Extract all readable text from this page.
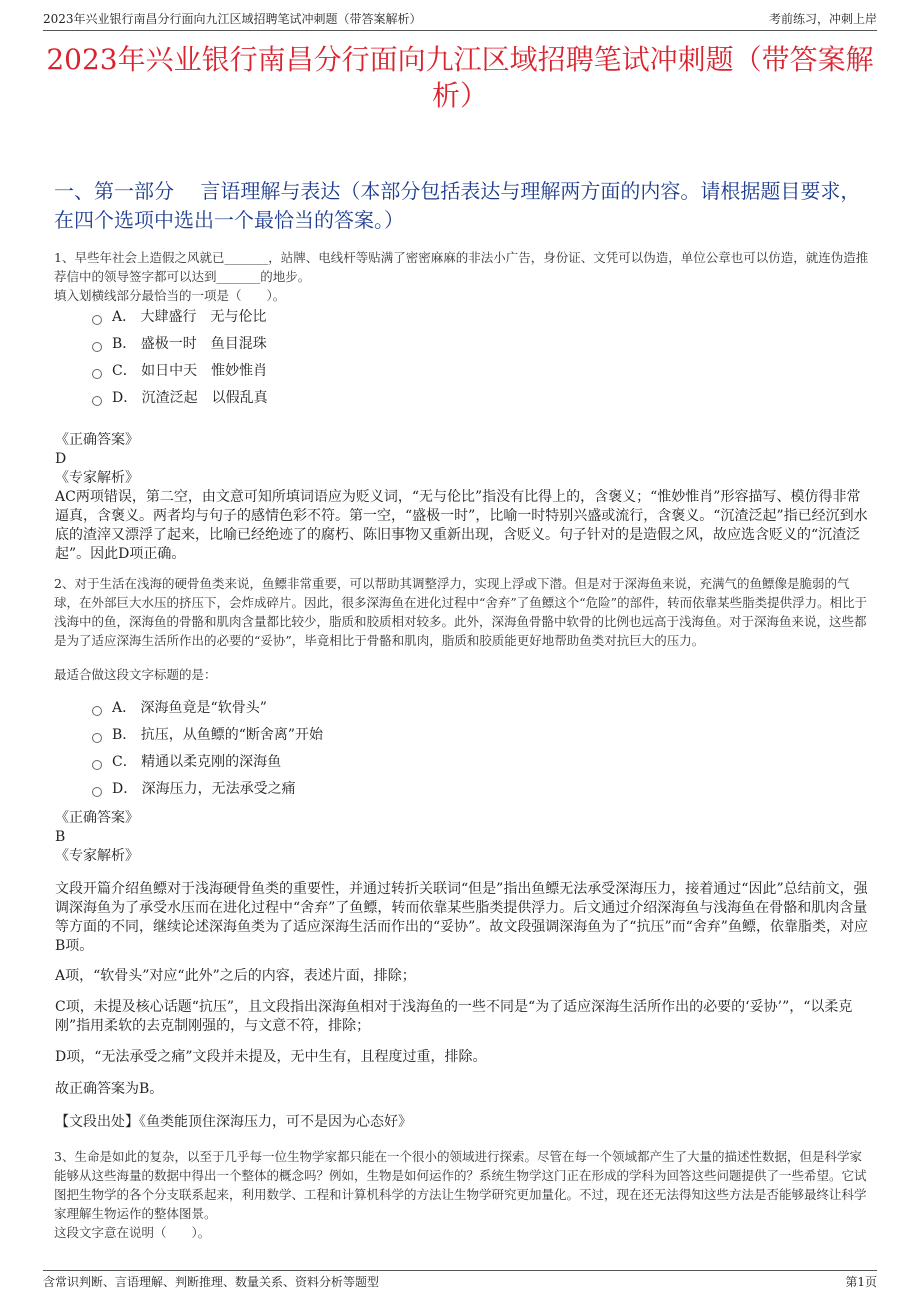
2023年兴业银行南昌分行面向九江区域招聘笔试冲刺题（带答案解析）	考前练习，冲刺上岸
2023年兴业银行南昌分行面向九江区域招聘笔试冲刺题（带答案解析）
一、第一部分　 言语理解与表达（本部分包括表达与理解两方面的内容。请根据题目要求，在四个选项中选出一个最恰当的答案。）

1、早些年社会上造假之风就已_______，站牌、电线杆等贴满了密密麻麻的非法小广告，身份证、文凭可以伪造，单位公章也可以仿造，就连伪造推荐信中的领导签字都可以达到_______的地步。

填入划横线部分最恰当的一项是（　　）。

A． 大肆盛行　无与伦比
B． 盛极一时　鱼目混珠
C． 如日中天　惟妙惟肖
D． 沉渣泛起　以假乱真

《正确答案》

D

《专家解析》

AC两项错误，第二空，由文意可知所填词语应为贬义词，“无与伦比”指没有比得上的，含褒义；“惟妙惟肖”形容描写、模仿得非常逼真，含褒义。两者均与句子的感情色彩不符。第一空，“盛极一时”，比喻一时特别兴盛或流行，含褒义。“沉渣泛起”指已经沉到水底的渣滓又漂浮了起来，比喻已经绝迹了的腐朽、陈旧事物又重新出现，含贬义。句子针对的是造假之风，故应选含贬义的“沉渣泛起”。因此D项正确。

2、对于生活在浅海的硬骨鱼类来说，鱼鳔非常重要，可以帮助其调整浮力，实现上浮或下潜。但是对于深海鱼来说，充满气的鱼鳔像是脆弱的气球，在外部巨大水压的挤压下，会炸成碎片。因此，很多深海鱼在进化过程中“舍弃”了鱼鳔这个“危险”的部件，转而依靠某些脂类提供浮力。相比于浅海中的鱼，深海鱼的骨骼和肌肉含量都比较少，脂质和胶质相对较多。此外，深海鱼骨骼中软骨的比例也远高于浅海鱼。对于深海鱼来说，这些都是为了适应深海生活所作出的必要的“妥协”，毕竟相比于骨骼和肌肉，脂质和胶质能更好地帮助鱼类对抗巨大的压力。

最适合做这段文字标题的是：
A． 深海鱼竟是“软骨头”
B． 抗压，从鱼鳔的“断舍离”开始
C． 精通以柔克刚的深海鱼
D． 深海压力，无法承受之痛

《正确答案》

B

《专家解析》

文段开篇介绍鱼鳔对于浅海硬骨鱼类的重要性，并通过转折关联词“但是”指出鱼鳔无法承受深海压力，接着通过“因此”总结前文，强调深海鱼为了承受水压而在进化过程中“舍弃”了鱼鳔，转而依靠某些脂类提供浮力。后文通过介绍深海鱼与浅海鱼在骨骼和肌肉含量等方面的不同，继续论述深海鱼类为了适应深海生活而作出的“妥协”。故文段强调深海鱼为了“抗压”而“舍弃”鱼鳔，依靠脂类，对应B项。
A项，“软骨头”对应“此外”之后的内容，表述片面，排除；
C项，未提及核心话题“抗压”，且文段指出深海鱼相对于浅海鱼的一些不同是“为了适应深海生活所作出的必要的‘妥协’”，“以柔克刚”指用柔软的去克制刚强的，与文意不符，排除；
D项，“无法承受之痛”文段并未提及，无中生有，且程度过重，排除。
故正确答案为B。
【文段出处】《鱼类能顶住深海压力，可不是因为心态好》

3、生命是如此的复杂，以至于几乎每一位生物学家都只能在一个很小的领域进行探索。尽管在每一个领域都产生了大量的描述性数据，但是科学家能够从这些海量的数据中得出一个整体的概念吗？例如，生物是如何运作的？系统生物学这门正在形成的学科为回答这些问题提供了一些希望。它试图把生物学的各个分支联系起来，利用数学、工程和计算机科学的方法让生物学研究更加量化。不过，现在还无法得知这些方法是否能够最终让科学家理解生物运作的整体图景。

这段文字意在说明（　　）。

含常识判断、言语理解、判断推理、数量关系、资料分析等题型	第1页
